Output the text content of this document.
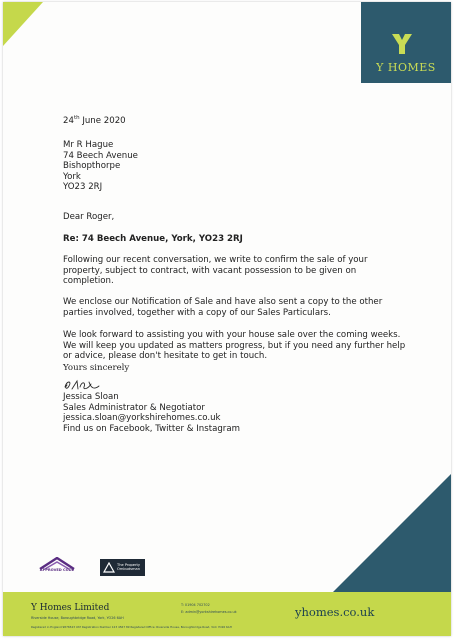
Y HOMES

24th June 2020

Mr R Hague
74 Beech Avenue
Bishopthorpe
York
YO23 2RJ

Dear Roger,

Re: 74 Beech Avenue, York, YO23 2RJ

Following our recent conversation, we write to confirm the sale of your property, subject to contract, with vacant possession to be given on completion.

We enclose our Notification of Sale and have also sent a copy to the other parties involved, together with a copy of our Sales Particulars.

We look forward to assisting you with your house sale over the coming weeks. We will keep you updated as matters progress, but if you need any further help or advice, please don't hesitate to get in touch.

Yours sincerely

Jessica Sloan
Sales Administrator & Negotiator
jessica.sloan@yorkshirehomes.co.uk
Find us on Facebook, Twitter & Instagram

APPROVED CODE
The Property Ombudsman
Y Homes Limited
Riverside House, Boroughbridge Road, York, YO26 6AH
Registered in England 9876543 VAT Registration Number 123 4567 89 Registered Office: Riverside House, Boroughbridge Road, York YO26 6AH
T: 01904 702702
E: admin@yorkshirehomes.co.uk	yhomes.co.uk
